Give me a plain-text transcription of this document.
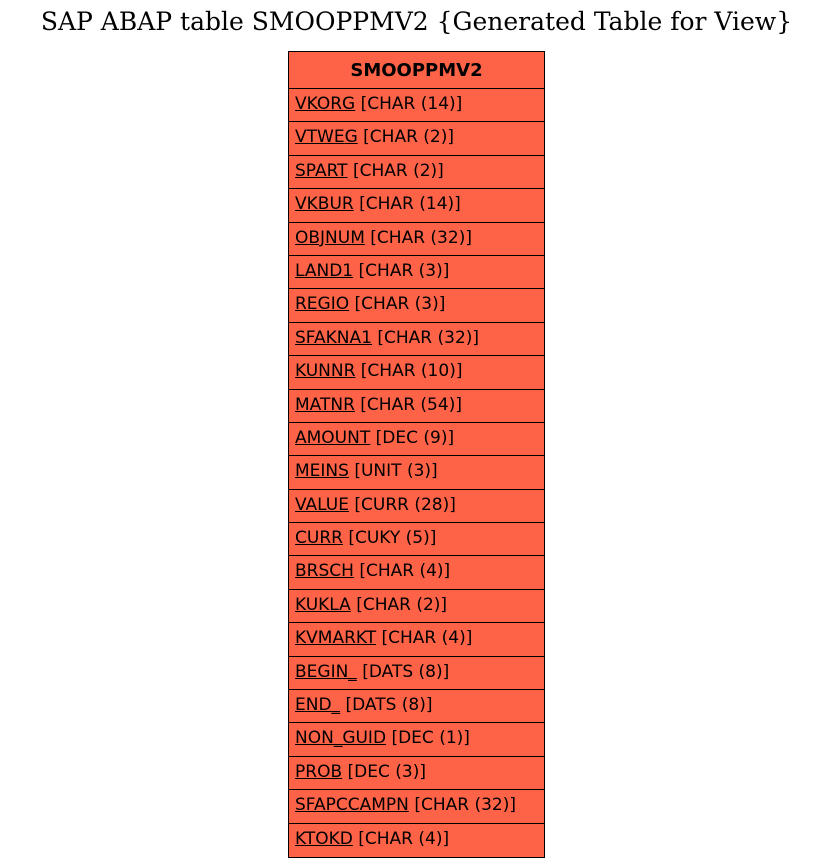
SAP ABAP table SMOOPPMV2 {Generated Table for View}
SMOOPPMV2
VKORG [CHAR (14)]
VTWEG [CHAR (2)]
SPART [CHAR (2)]
VKBUR [CHAR (14)]
OBJNUM [CHAR (32)]
LAND1 [CHAR (3)]
REGIO [CHAR (3)]
SFAKNA1 [CHAR (32)]
KUNNR [CHAR (10)]
MATNR [CHAR (54)]
AMOUNT [DEC (9)]
MEINS [UNIT (3)]
VALUE [CURR (28)]
CURR [CUKY (5)]
BRSCH [CHAR (4)]
KUKLA [CHAR (2)]
KVMARKT [CHAR (4)]
BEGIN_ [DATS (8)]
END_ [DATS (8)]
NON_GUID [DEC (1)]
PROB [DEC (3)]
SFAPCCAMPN [CHAR (32)]
KTOKD [CHAR (4)]
